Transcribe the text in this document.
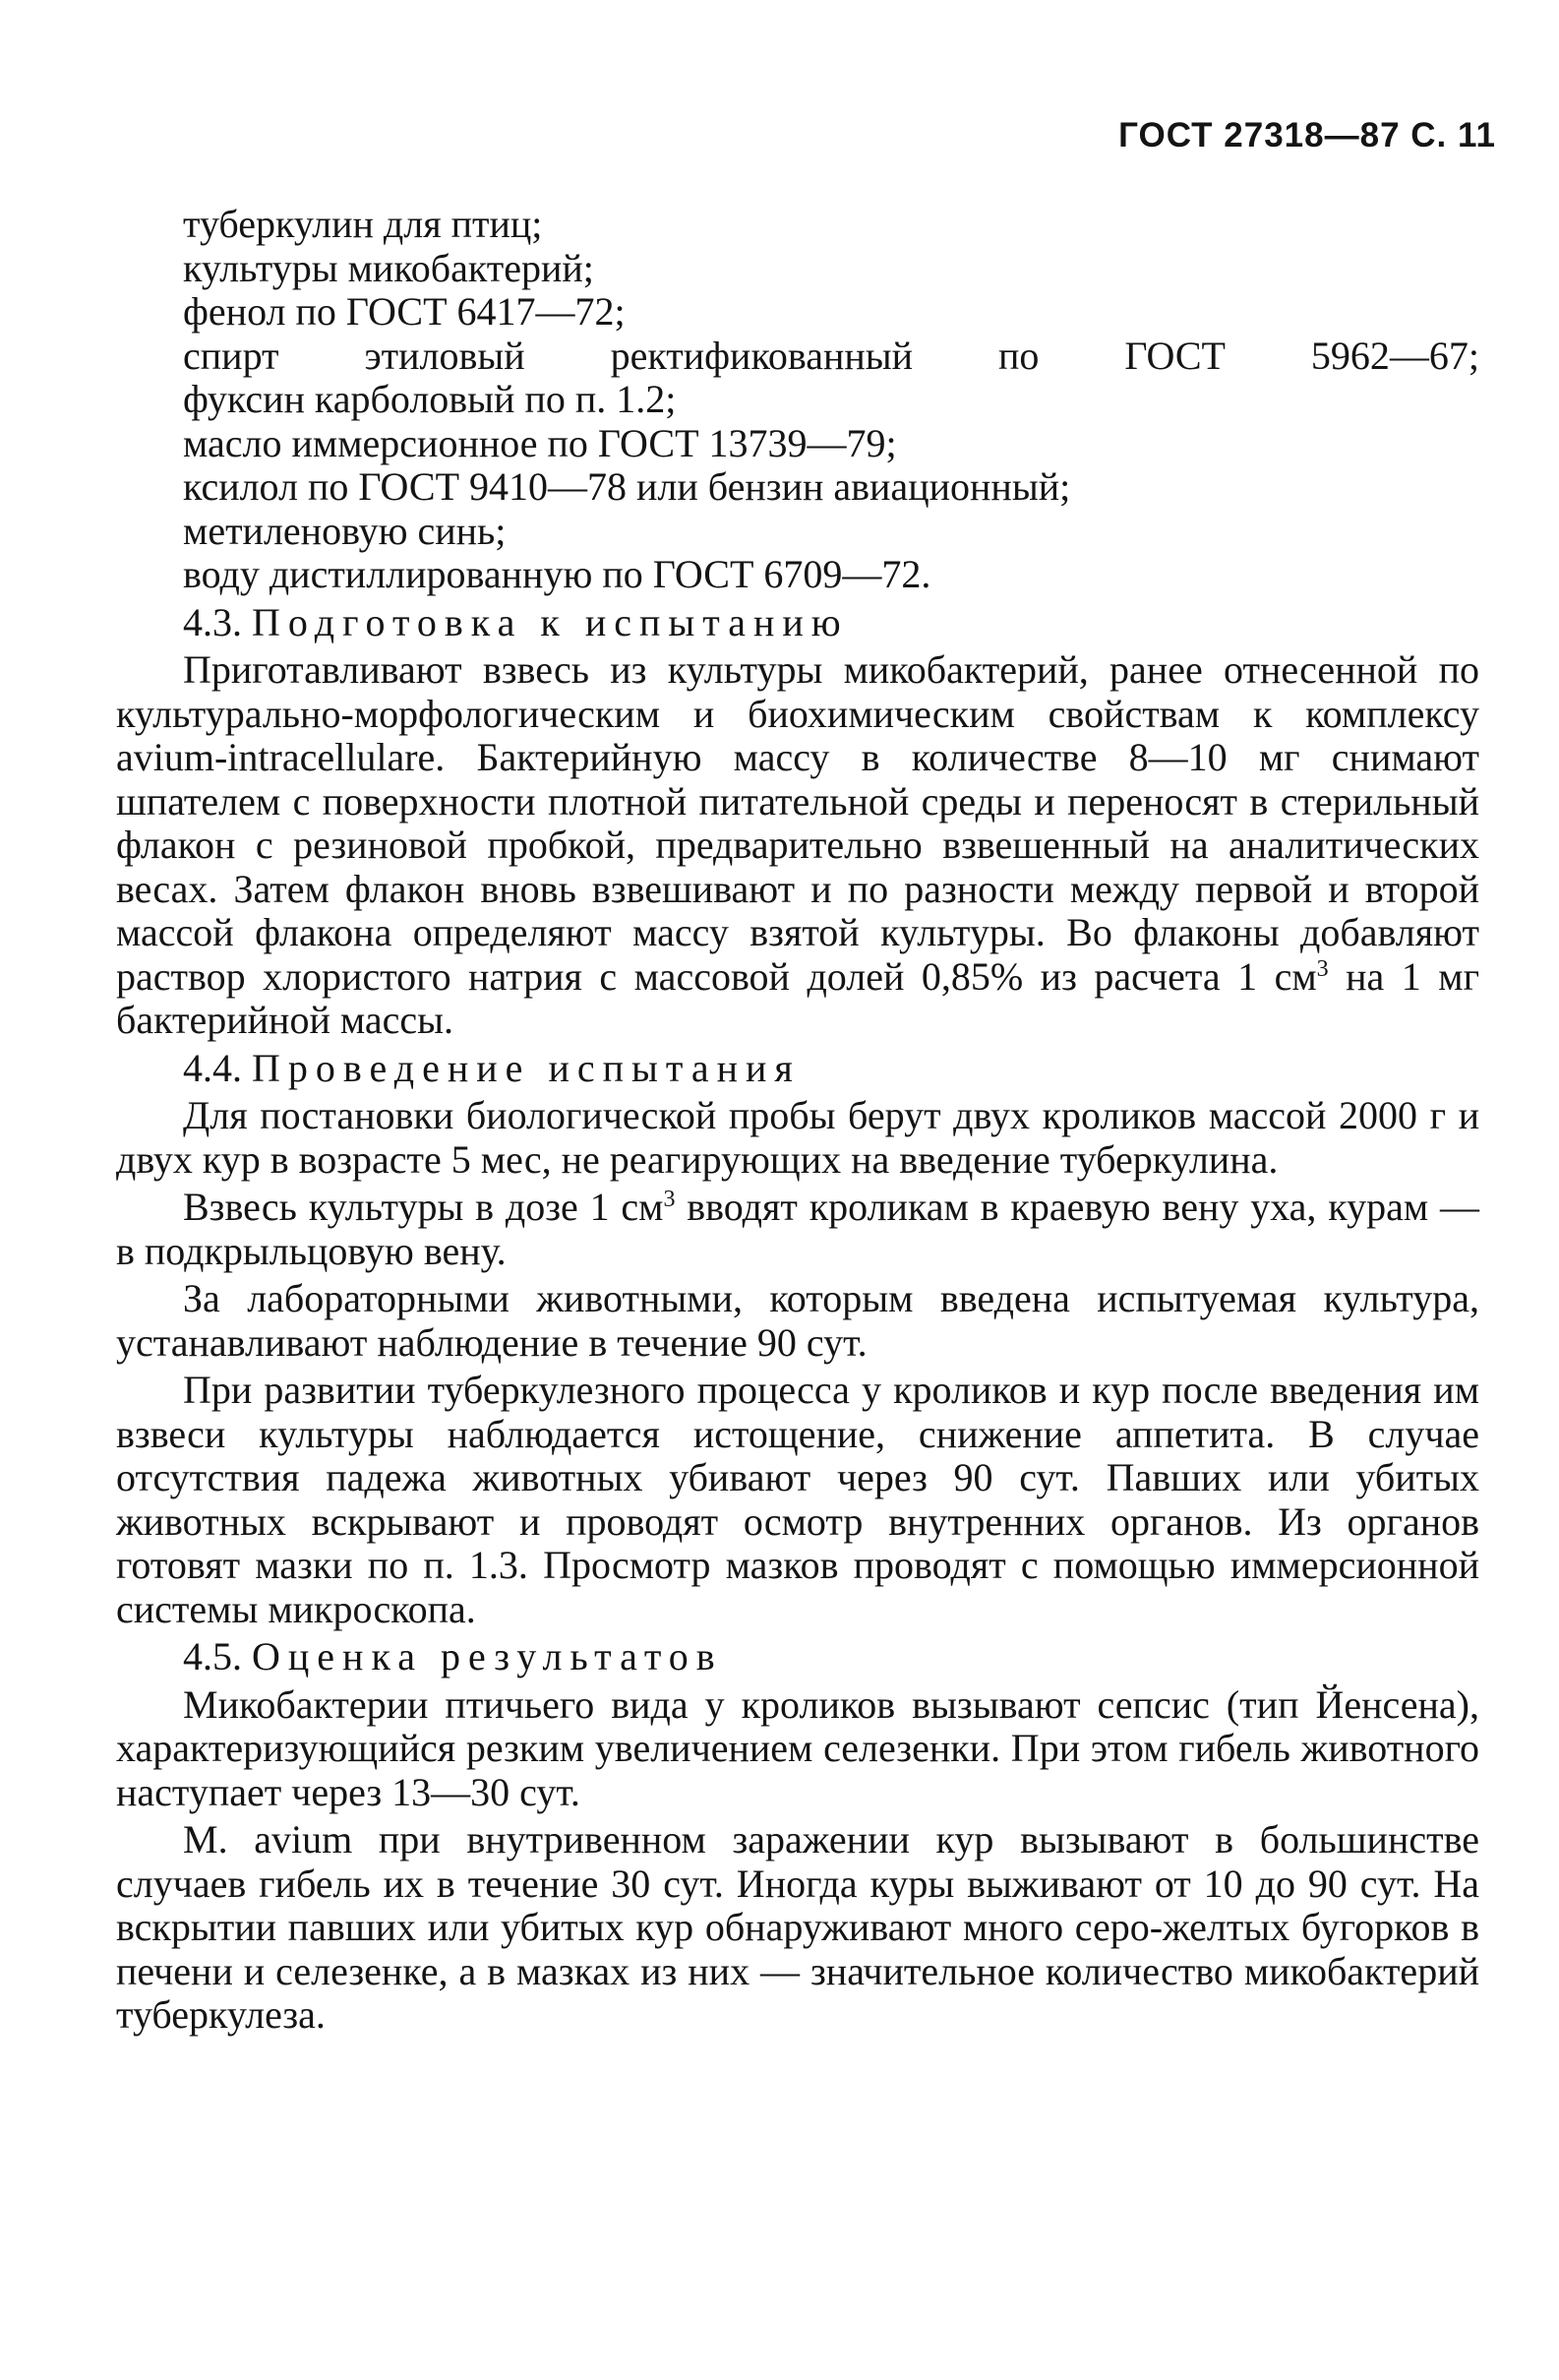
ГОСТ 27318—87 С. 11
туберкулин для птиц;
культуры микобактерий;
фенол по ГОСТ 6417—72;
спирт этиловый ректификованный по ГОСТ 5962—67;
фуксин карболовый по п. 1.2;
масло иммерсионное по ГОСТ 13739—79;
ксилол по ГОСТ 9410—78 или бензин авиационный;
метиленовую синь;
воду дистиллированную по ГОСТ 6709—72.
4.3. Подготовка к испытанию

Приготавливают взвесь из культуры микобактерий, ранее отнесенной по культурально-морфологическим и биохимическим свойствам к комплексу avium-intracellulare. Бактерийную массу в количестве 8—10 мг снимают шпателем с поверхности плотной питательной среды и переносят в стерильный флакон с резиновой пробкой, предварительно взвешенный на аналитических весах. Затем флакон вновь взвешивают и по разности между первой и второй массой флакона определяют массу взятой культуры. Во флаконы добавляют раствор хлористого натрия с массовой долей 0,85% из расчета 1 $см^3$ на 1 мг бактерийной массы.

4.4. Проведение испытания

Для постановки биологической пробы берут двух кроликов массой 2000 г и двух кур в возрасте 5 мес, не реагирующих на введение туберкулина.

Взвесь культуры в дозе 1 $см^3$ вводят кроликам в краевую вену уха, курам — в подкрыльцовую вену.

За лабораторными животными, которым введена испытуемая культура, устанавливают наблюдение в течение 90 сут.

При развитии туберкулезного процесса у кроликов и кур после введения им взвеси культуры наблюдается истощение, снижение аппетита. В случае отсутствия падежа животных убивают через 90 сут. Павших или убитых животных вскрывают и проводят осмотр внутренних органов. Из органов готовят мазки по п. 1.3. Просмотр мазков проводят с помощью иммерсионной системы микроскопа.

4.5. Оценка результатов

Микобактерии птичьего вида у кроликов вызывают сепсис (тип Йенсена), характеризующийся резким увеличением селезенки. При этом гибель животного наступает через 13—30 сут.

M. avium при внутривенном заражении кур вызывают в большинстве случаев гибель их в течение 30 сут. Иногда куры выживают от 10 до 90 сут. На вскрытии павших или убитых кур обнаруживают много серо-желтых бугорков в печени и селезенке, а в мазках из них — значительное количество микобактерий туберкулеза.
